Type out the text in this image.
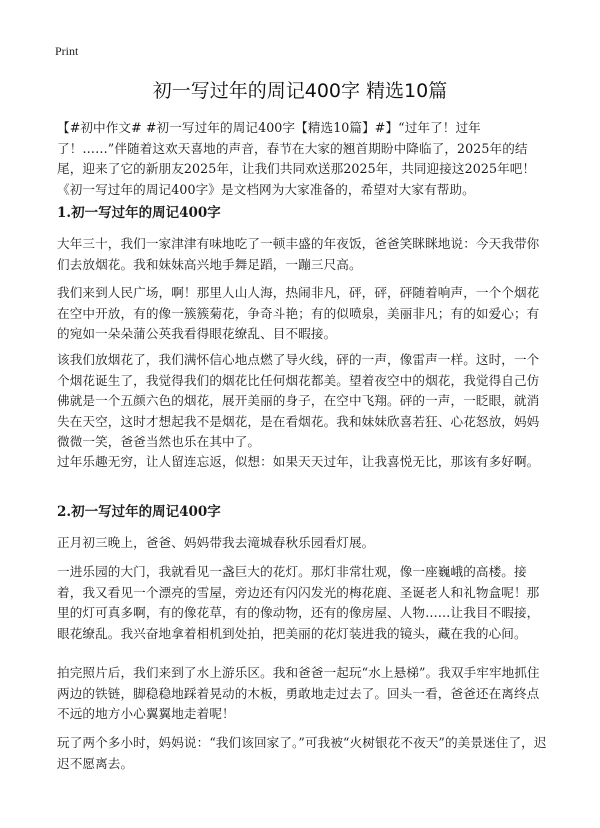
Print
初一写过年的周记400字 精选10篇

【#初中作文# #初一写过年的周记400字【精选10篇】#】“过年了！过年了！……”伴随着这欢天喜地的声音，春节在大家的翘首期盼中降临了，2025年的结尾，迎来了它的新朋友2025年，让我们共同欢送那2025年，共同迎接这2025年吧！《初一写过年的周记400字》是文档网为大家准备的，希望对大家有帮助。

1.初一写过年的周记400字

大年三十，我们一家津津有味地吃了一顿丰盛的年夜饭，爸爸笑眯眯地说：今天我带你们去放烟花。我和妹妹高兴地手舞足蹈，一蹦三尺高。

我们来到人民广场，啊！那里人山人海，热闹非凡，砰，砰，砰随着响声，一个个烟花在空中开放，有的像一簇簇菊花，争奇斗艳；有的似喷泉，美丽非凡；有的如爱心；有的宛如一朵朵蒲公英我看得眼花缭乱、目不暇接。

该我们放烟花了，我们满怀信心地点燃了导火线，砰的一声，像雷声一样。这时，一个个烟花诞生了，我觉得我们的烟花比任何烟花都美。望着夜空中的烟花，我觉得自己仿佛就是一个五颜六色的烟花，展开美丽的身子，在空中飞翔。砰的一声，一眨眼，就消失在天空，这时才想起我不是烟花，是在看烟花。我和妹妹欣喜若狂、心花怒放，妈妈微微一笑，爸爸当然也乐在其中了。

过年乐趣无穷，让人留连忘返，似想：如果天天过年，让我喜悦无比，那该有多好啊。

2.初一写过年的周记400字

正月初三晚上，爸爸、妈妈带我去滝城春秋乐园看灯展。

一进乐园的大门，我就看见一盏巨大的花灯。那灯非常壮观，像一座巍峨的高楼。接着，我又看见一个漂亮的雪屋，旁边还有闪闪发光的梅花鹿、圣诞老人和礼物盒呢！那里的灯可真多啊，有的像花草，有的像动物，还有的像房屋、人物……让我目不暇接，眼花缭乱。我兴奋地拿着相机到处拍，把美丽的花灯装进我的镜头，藏在我的心间。

拍完照片后，我们来到了水上游乐区。我和爸爸一起玩“水上悬梯”。我双手牢牢地抓住两边的铁链，脚稳稳地踩着晃动的木板，勇敢地走过去了。回头一看，爸爸还在离终点不远的地方小心翼翼地走着呢！

玩了两个多小时，妈妈说：“我们该回家了。”可我被“火树银花不夜天”的美景迷住了，迟迟不愿离去。
